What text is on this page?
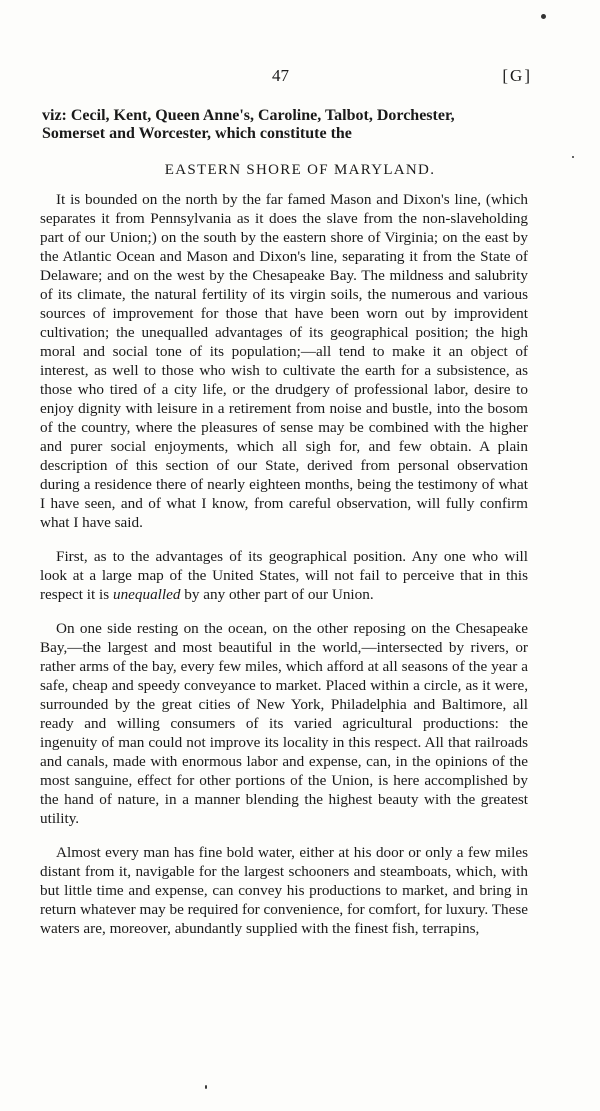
47	[G]
viz: Cecil, Kent, Queen Anne's, Caroline, Talbot, Dorchester,
Somerset and Worcester, which constitute the
EASTERN SHORE OF MARYLAND.

It is bounded on the north by the far famed Mason and Dixon's line, (which separates it from Pennsylvania as it does the slave from the non-slaveholding part of our Union;) on the south by the eastern shore of Virginia; on the east by the Atlantic Ocean and Mason and Dixon's line, separating it from the State of Delaware; and on the west by the Chesapeake Bay. The mildness and salubrity of its climate, the natural fertility of its virgin soils, the numerous and various sources of improvement for those that have been worn out by improvident cultivation; the unequalled advantages of its geographical position; the high moral and social tone of its population;—all tend to make it an object of interest, as well to those who wish to cultivate the earth for a subsistence, as those who tired of a city life, or the drudgery of professional labor, desire to enjoy dignity with leisure in a retirement from noise and bustle, into the bosom of the country, where the pleasures of sense may be combined with the higher and purer social enjoyments, which all sigh for, and few obtain. A plain description of this section of our State, derived from personal observation during a residence there of nearly eighteen months, being the testimony of what I have seen, and of what I know, from careful observation, will fully confirm what I have said.

First, as to the advantages of its geographical position. Any one who will look at a large map of the United States, will not fail to perceive that in this respect it is unequalled by any other part of our Union.

On one side resting on the ocean, on the other reposing on the Chesapeake Bay,—the largest and most beautiful in the world,—intersected by rivers, or rather arms of the bay, every few miles, which afford at all seasons of the year a safe, cheap and speedy conveyance to market. Placed within a circle, as it were, surrounded by the great cities of New York, Philadelphia and Baltimore, all ready and willing consumers of its varied agricultural productions: the ingenuity of man could not improve its locality in this respect. All that railroads and canals, made with enormous labor and expense, can, in the opinions of the most sanguine, effect for other portions of the Union, is here accomplished by the hand of nature, in a manner blending the highest beauty with the greatest utility.

Almost every man has fine bold water, either at his door or only a few miles distant from it, navigable for the largest schooners and steamboats, which, with but little time and expense, can convey his productions to market, and bring in return whatever may be required for convenience, for comfort, for luxury. These waters are, moreover, abundantly supplied with the finest fish, terrapins,
